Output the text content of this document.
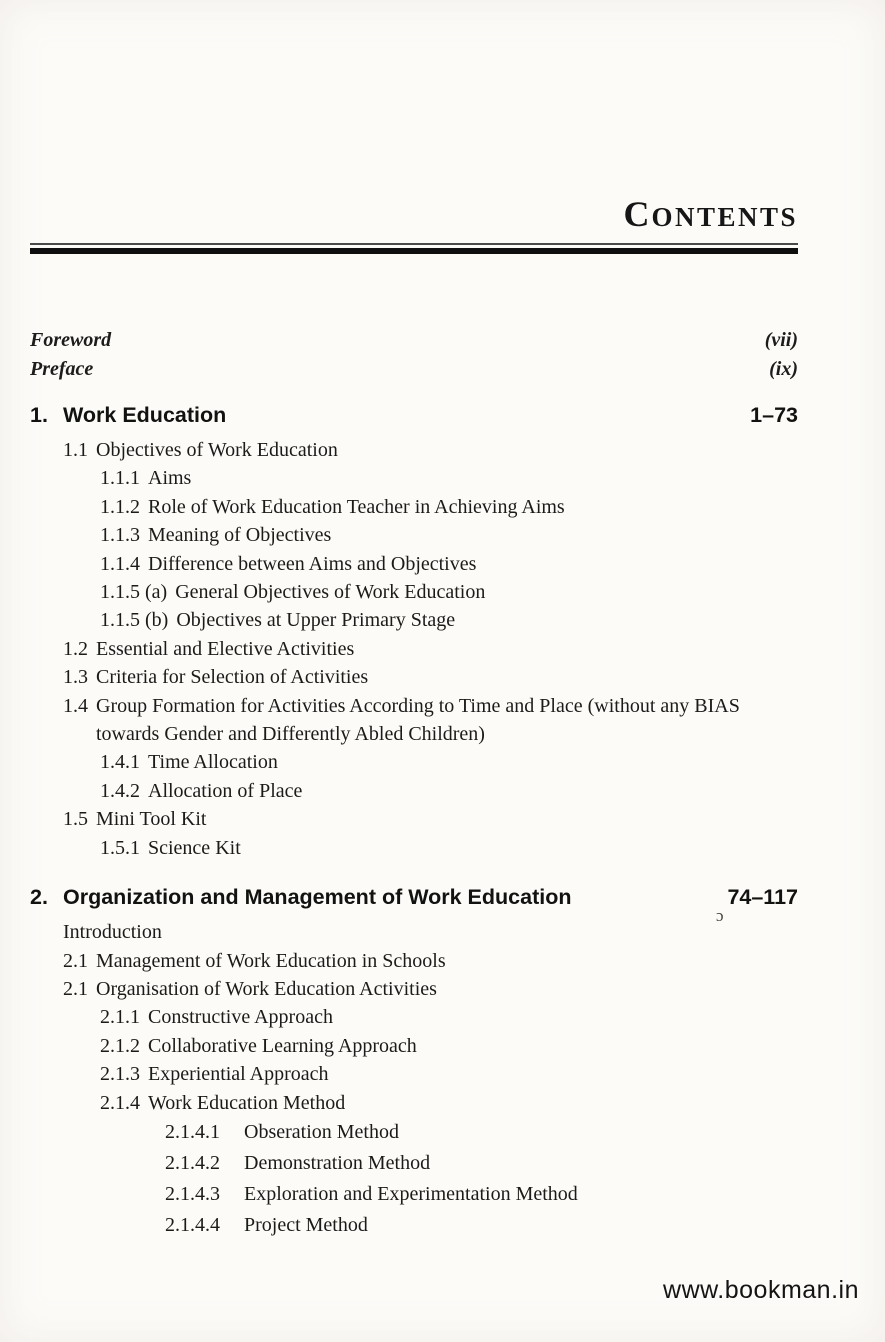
CONTENTS
Foreword	(vii)
Preface	(ix)
1. Work Education	1–73
1.1 Objectives of Work Education
1.1.1 Aims
1.1.2 Role of Work Education Teacher in Achieving Aims
1.1.3 Meaning of Objectives
1.1.4 Difference between Aims and Objectives
1.1.5 (a) General Objectives of Work Education
1.1.5 (b) Objectives at Upper Primary Stage
1.2 Essential and Elective Activities
1.3 Criteria for Selection of Activities
1.4 Group Formation for Activities According to Time and Place (without any BIAS towards Gender and Differently Abled Children)
1.4.1 Time Allocation
1.4.2 Allocation of Place
1.5 Mini Tool Kit
1.5.1 Science Kit
2. Organization and Management of Work Education	74–117
Introduction
2.1 Management of Work Education in Schools
2.1 Organisation of Work Education Activities
2.1.1 Constructive Approach
2.1.2 Collaborative Learning Approach
2.1.3 Experiential Approach
2.1.4 Work Education Method
2.1.4.1 Obseration Method
2.1.4.2 Demonstration Method
2.1.4.3 Exploration and Experimentation Method
2.1.4.4 Project Method
ɔ
www.bookman.in
